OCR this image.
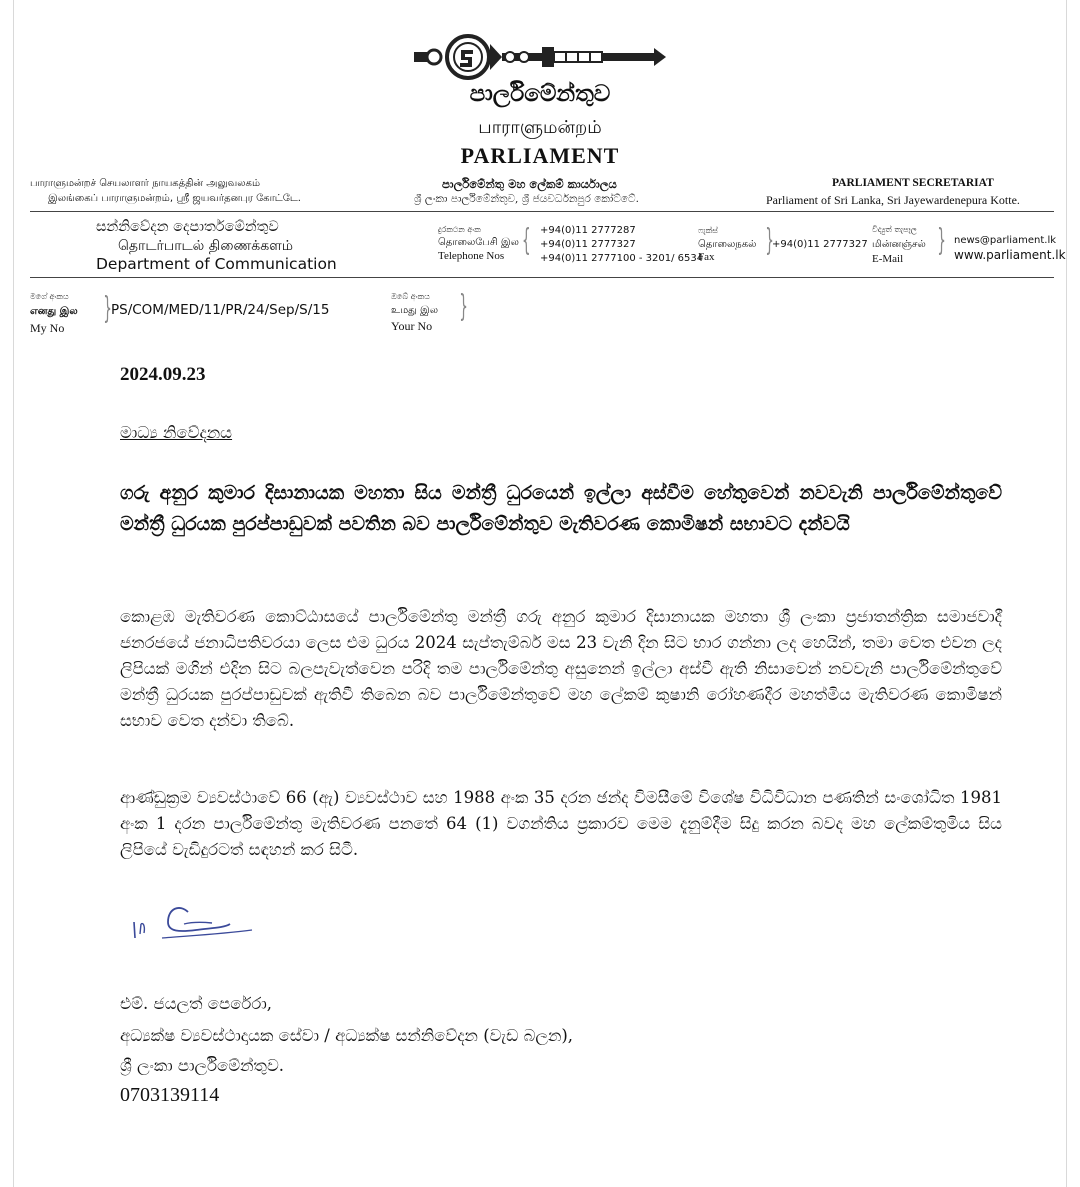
පාර්ලිමේන්තුව
பாராளுமன்றம்
PARLIAMENT
பாராளுமன்றச் செயலாளர் நாயகத்தின் அலுவலகம்
இலங்கைப் பாராளுமன்றம், ஸ்ரீ ஜயவர்தனபுர கோட்டே.
පාර්ලිමේන්තු මහ ලේකම් කාර්යාලය
ශ්‍රී ලංකා පාර්ලිමේන්තුව, ශ්‍රී ජයවර්ධනපුර කෝට්ටේ.
PARLIAMENT SECRETARIAT
Parliament of Sri Lanka, Sri Jayewardenepura Kotte.
සන්නිවේදන දෙපාර්තමේන්තුව
தொடர்பாடல் திணைக்களம்
Department of Communication
දුරකථන අංක
தொலைபேசி இல
Telephone Nos { +94(0)11 2777287
+94(0)11 2777327
+94(0)11 2777100 - 3201/ 6534
ෆැක්ස්
தொலைநகல்
Fax {
+94(0)11 2777327
විද්‍යුත් තැපෑල
மின்னஞ்சல்
E-Mail
{ news@parliament.lk
www.parliament.lk
මගේ අංකය
எனது இல
My No
{ PS/COM/MED/11/PR/24/Sep/S/15
ඔබේ අංකය
உமது இல
Your No
{
2024.09.23
මාධ්‍ය නිවේදනය
ගරු අනුර කුමාර දිසානායක මහතා සිය මන්ත්‍රී ධුරයෙන් ඉල්ලා අස්වීම හේතුවෙන් නවවැනි පාර්ලිමේන්තුවේ මන්ත්‍රී ධුරයක පුරප්පාඩුවක් පවතින බව පාර්ලිමේන්තුව මැතිවරණ කොමිෂන් සභාවට දන්වයි
කොළඹ මැතිවරණ කොට්ඨාසයේ පාර්ලිමේන්තු මන්ත්‍රී ගරු අනුර කුමාර දිසානායක මහතා ශ්‍රී ලංකා ප්‍රජාතන්ත්‍රික සමාජවාදී ජනරජයේ ජනාධිපතිවරයා ලෙස එම ධුරය 2024 සැප්තැම්බර් මස 23 වැනි දින සිට භාර ගන්නා ලද හෙයින්, තමා වෙත එවන ලද ලිපියක් මගින් එදින සිට බලපැවැත්වෙන පරිදි තම පාර්ලිමේන්තු අසුනෙන් ඉල්ලා අස්වී ඇති නිසාවෙන් නවවැනි පාර්ලිමේන්තුවේ මන්ත්‍රී ධුරයක පුරප්පාඩුවක් ඇතිවී තිබෙන බව පාර්ලිමේන්තුවේ මහ ලේකම් කුෂානි රෝහණදීර මහත්මිය මැතිවරණ කොමිෂන් සභාව වෙත දන්වා තිබේ.
ආණ්ඩුක්‍රම ව්‍යවස්ථාවේ 66 (ඇ) ව්‍යවස්ථාව සහ 1988 අංක 35 දරන ඡන්ද විමසීමේ විශේෂ විධිවිධාන පණතින් සංශෝධිත 1981 අංක 1 දරන පාර්ලිමේන්තු මැතිවරණ පනතේ 64 (1) වගන්තිය ප්‍රකාරව මෙම දැනුම්දීම සිදු කරන බවද මහ ලේකම්තුමිය සිය ලිපියේ වැඩිදුරටත් සඳහන් කර සිටී.
එම්. ජයලත් පෙරේරා,
අධ්‍යක්ෂ ව්‍යවස්ථාදායක සේවා / අධ්‍යක්ෂ සන්නිවේදන (වැඩ බලන),
ශ්‍රී ලංකා පාර්ලිමේන්තුව.
0703139114
